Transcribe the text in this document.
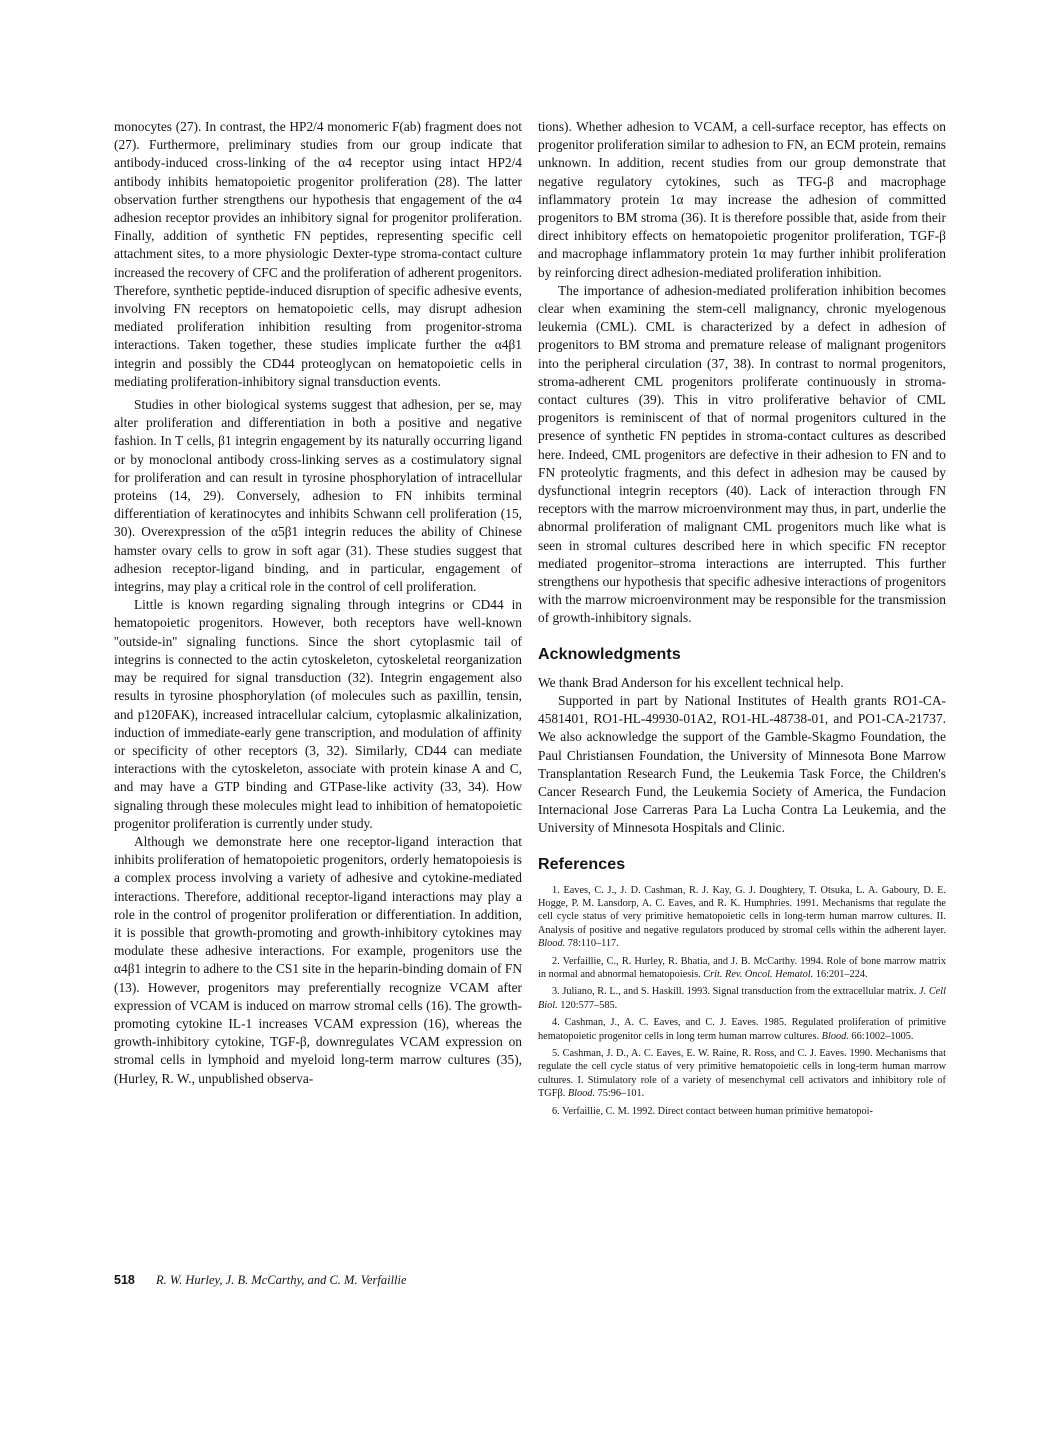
monocytes (27). In contrast, the HP2/4 monomeric F(ab) fragment does not (27). Furthermore, preliminary studies from our group indicate that antibody-induced cross-linking of the α4 receptor using intact HP2/4 antibody inhibits hematopoietic progenitor proliferation (28). The latter observation further strengthens our hypothesis that engagement of the α4 adhesion receptor provides an inhibitory signal for progenitor proliferation. Finally, addition of synthetic FN peptides, representing specific cell attachment sites, to a more physiologic Dexter-type stroma-contact culture increased the recovery of CFC and the proliferation of adherent progenitors. Therefore, synthetic peptide-induced disruption of specific adhesive events, involving FN receptors on hematopoietic cells, may disrupt adhesion mediated proliferation inhibition resulting from progenitor-stroma interactions. Taken together, these studies implicate further the α4β1 integrin and possibly the CD44 proteoglycan on hematopoietic cells in mediating proliferation-inhibitory signal transduction events.

Studies in other biological systems suggest that adhesion, per se, may alter proliferation and differentiation in both a positive and negative fashion. In T cells, β1 integrin engagement by its naturally occurring ligand or by monoclonal antibody cross-linking serves as a costimulatory signal for proliferation and can result in tyrosine phosphorylation of intracellular proteins (14, 29). Conversely, adhesion to FN inhibits terminal differentiation of keratinocytes and inhibits Schwann cell proliferation (15, 30). Overexpression of the α5β1 integrin reduces the ability of Chinese hamster ovary cells to grow in soft agar (31). These studies suggest that adhesion receptor-ligand binding, and in particular, engagement of integrins, may play a critical role in the control of cell proliferation.

Little is known regarding signaling through integrins or CD44 in hematopoietic progenitors. However, both receptors have well-known ''outside-in'' signaling functions. Since the short cytoplasmic tail of integrins is connected to the actin cytoskeleton, cytoskeletal reorganization may be required for signal transduction (32). Integrin engagement also results in tyrosine phosphorylation (of molecules such as paxillin, tensin, and p120FAK), increased intracellular calcium, cytoplasmic alkalinization, induction of immediate-early gene transcription, and modulation of affinity or specificity of other receptors (3, 32). Similarly, CD44 can mediate interactions with the cytoskeleton, associate with protein kinase A and C, and may have a GTP binding and GTPase-like activity (33, 34). How signaling through these molecules might lead to inhibition of hematopoietic progenitor proliferation is currently under study.

Although we demonstrate here one receptor-ligand interaction that inhibits proliferation of hematopoietic progenitors, orderly hematopoiesis is a complex process involving a variety of adhesive and cytokine-mediated interactions. Therefore, additional receptor-ligand interactions may play a role in the control of progenitor proliferation or differentiation. In addition, it is possible that growth-promoting and growth-inhibitory cytokines may modulate these adhesive interactions. For example, progenitors use the α4β1 integrin to adhere to the CS1 site in the heparin-binding domain of FN (13). However, progenitors may preferentially recognize VCAM after expression of VCAM is induced on marrow stromal cells (16). The growth-promoting cytokine IL-1 increases VCAM expression (16), whereas the growth-inhibitory cytokine, TGF-β, downregulates VCAM expression on stromal cells in lymphoid and myeloid long-term marrow cultures (35), (Hurley, R. W., unpublished observa-

tions). Whether adhesion to VCAM, a cell-surface receptor, has effects on progenitor proliferation similar to adhesion to FN, an ECM protein, remains unknown. In addition, recent studies from our group demonstrate that negative regulatory cytokines, such as TFG-β and macrophage inflammatory protein 1α may increase the adhesion of committed progenitors to BM stroma (36). It is therefore possible that, aside from their direct inhibitory effects on hematopoietic progenitor proliferation, TGF-β and macrophage inflammatory protein 1α may further inhibit proliferation by reinforcing direct adhesion-mediated proliferation inhibition.

The importance of adhesion-mediated proliferation inhibition becomes clear when examining the stem-cell malignancy, chronic myelogenous leukemia (CML). CML is characterized by a defect in adhesion of progenitors to BM stroma and premature release of malignant progenitors into the peripheral circulation (37, 38). In contrast to normal progenitors, stroma-adherent CML progenitors proliferate continuously in stroma-contact cultures (39). This in vitro proliferative behavior of CML progenitors is reminiscent of that of normal progenitors cultured in the presence of synthetic FN peptides in stroma-contact cultures as described here. Indeed, CML progenitors are defective in their adhesion to FN and to FN proteolytic fragments, and this defect in adhesion may be caused by dysfunctional integrin receptors (40). Lack of interaction through FN receptors with the marrow microenvironment may thus, in part, underlie the abnormal proliferation of malignant CML progenitors much like what is seen in stromal cultures described here in which specific FN receptor mediated progenitor–stroma interactions are interrupted. This further strengthens our hypothesis that specific adhesive interactions of progenitors with the marrow microenvironment may be responsible for the transmission of growth-inhibitory signals.

Acknowledgments

We thank Brad Anderson for his excellent technical help.

Supported in part by National Institutes of Health grants RO1-CA-4581401, RO1-HL-49930-01A2, RO1-HL-48738-01, and PO1-CA-21737. We also acknowledge the support of the Gamble-Skagmo Foundation, the Paul Christiansen Foundation, the University of Minnesota Bone Marrow Transplantation Research Fund, the Leukemia Task Force, the Children's Cancer Research Fund, the Leukemia Society of America, the Fundacion Internacional Jose Carreras Para La Lucha Contra La Leukemia, and the University of Minnesota Hospitals and Clinic.

References
1. Eaves, C. J., J. D. Cashman, R. J. Kay, G. J. Doughtery, T. Otsuka, L. A. Gaboury, D. E. Hogge, P. M. Lansdorp, A. C. Eaves, and R. K. Humphries. 1991. Mechanisms that regulate the cell cycle status of very primitive hematopoietic cells in long-term human marrow cultures. II. Analysis of positive and negative regulators produced by stromal cells within the adherent layer. Blood. 78:110–117.
2. Verfaillie, C., R. Hurley, R. Bhatia, and J. B. McCarthy. 1994. Role of bone marrow matrix in normal and abnormal hematopoiesis. Crit. Rev. Oncol. Hematol. 16:201–224.
3. Juliano, R. L., and S. Haskill. 1993. Signal transduction from the extracellular matrix. J. Cell Biol. 120:577–585.
4. Cashman, J., A. C. Eaves, and C. J. Eaves. 1985. Regulated proliferation of primitive hematopoietic progenitor cells in long term human marrow cultures. Blood. 66:1002–1005.
5. Cashman, J. D., A. C. Eaves, E. W. Raine, R. Ross, and C. J. Eaves. 1990. Mechanisms that regulate the cell cycle status of very primitive hematopoietic cells in long-term human marrow cultures. I. Stimulatory role of a variety of mesenchymal cell activators and inhibitory role of TGFβ. Blood. 75:96–101.
6. Verfaillie, C. M. 1992. Direct contact between human primitive hematopoi-
518 R. W. Hurley, J. B. McCarthy, and C. M. Verfaillie
